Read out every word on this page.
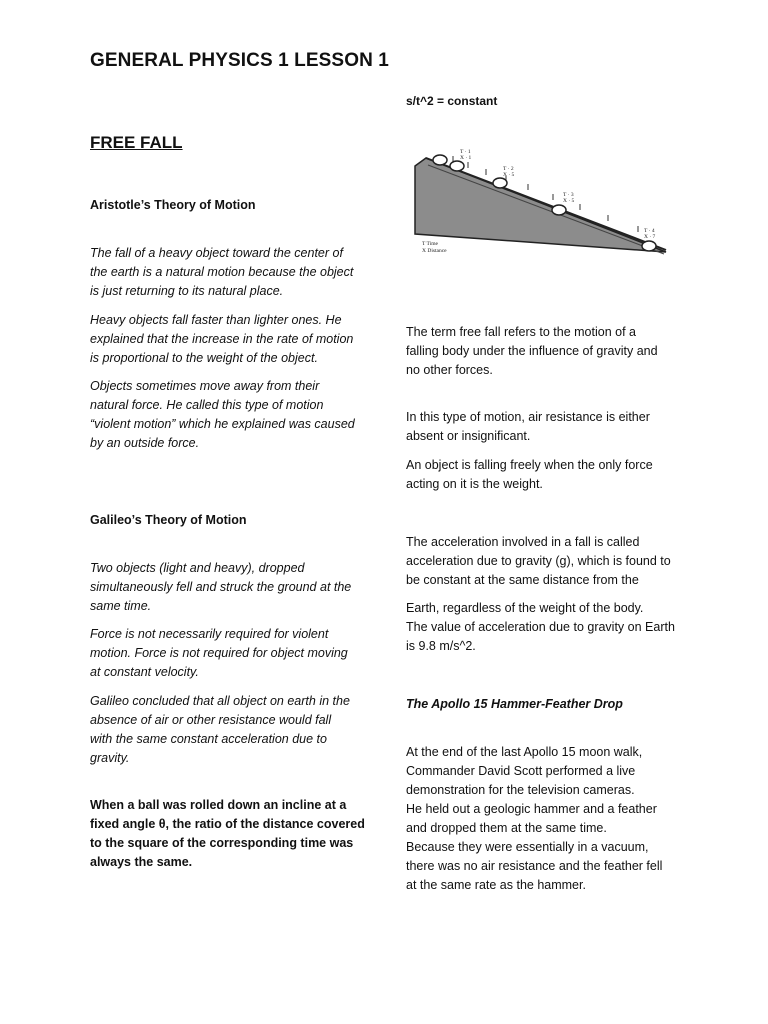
GENERAL PHYSICS 1 LESSON 1
FREE FALL
Aristotle’s Theory of Motion
The fall of a heavy object toward the center of
the earth is a natural motion because the object
is just returning to its natural place.
Heavy objects fall faster than lighter ones. He
explained that the increase in the rate of motion
is proportional to the weight of the object.
Objects sometimes move away from their
natural force. He called this type of motion
“violent motion” which he explained was caused
by an outside force.
Galileo’s Theory of Motion
Two objects (light and heavy), dropped
simultaneously fell and struck the ground at the
same time.
Force is not necessarily required for violent
motion. Force is not required for object moving
at constant velocity.
Galileo concluded that all object on earth in the
absence of air or other resistance would fall
with the same constant acceleration due to
gravity.
When a ball was rolled down an incline at a
fixed angle θ, the ratio of the distance covered
to the square of the corresponding time was
always the same.
s/t^2 = constant
T · 1
X · 1
T · 2
X · 5
T · 3
X · 5
T · 4
X · 7
T Time
X Distance
The term free fall refers to the motion of a
falling body under the influence of gravity and
no other forces.
In this type of motion, air resistance is either
absent or insignificant.
An object is falling freely when the only force
acting on it is the weight.
The acceleration involved in a fall is called
acceleration due to gravity (g), which is found to
be constant at the same distance from the
Earth, regardless of the weight of the body.
The value of acceleration due to gravity on Earth
is 9.8 m/s^2.
The Apollo 15 Hammer-Feather Drop
At the end of the last Apollo 15 moon walk,
Commander David Scott performed a live
demonstration for the television cameras.
He held out a geologic hammer and a feather
and dropped them at the same time.
Because they were essentially in a vacuum,
there was no air resistance and the feather fell
at the same rate as the hammer.
